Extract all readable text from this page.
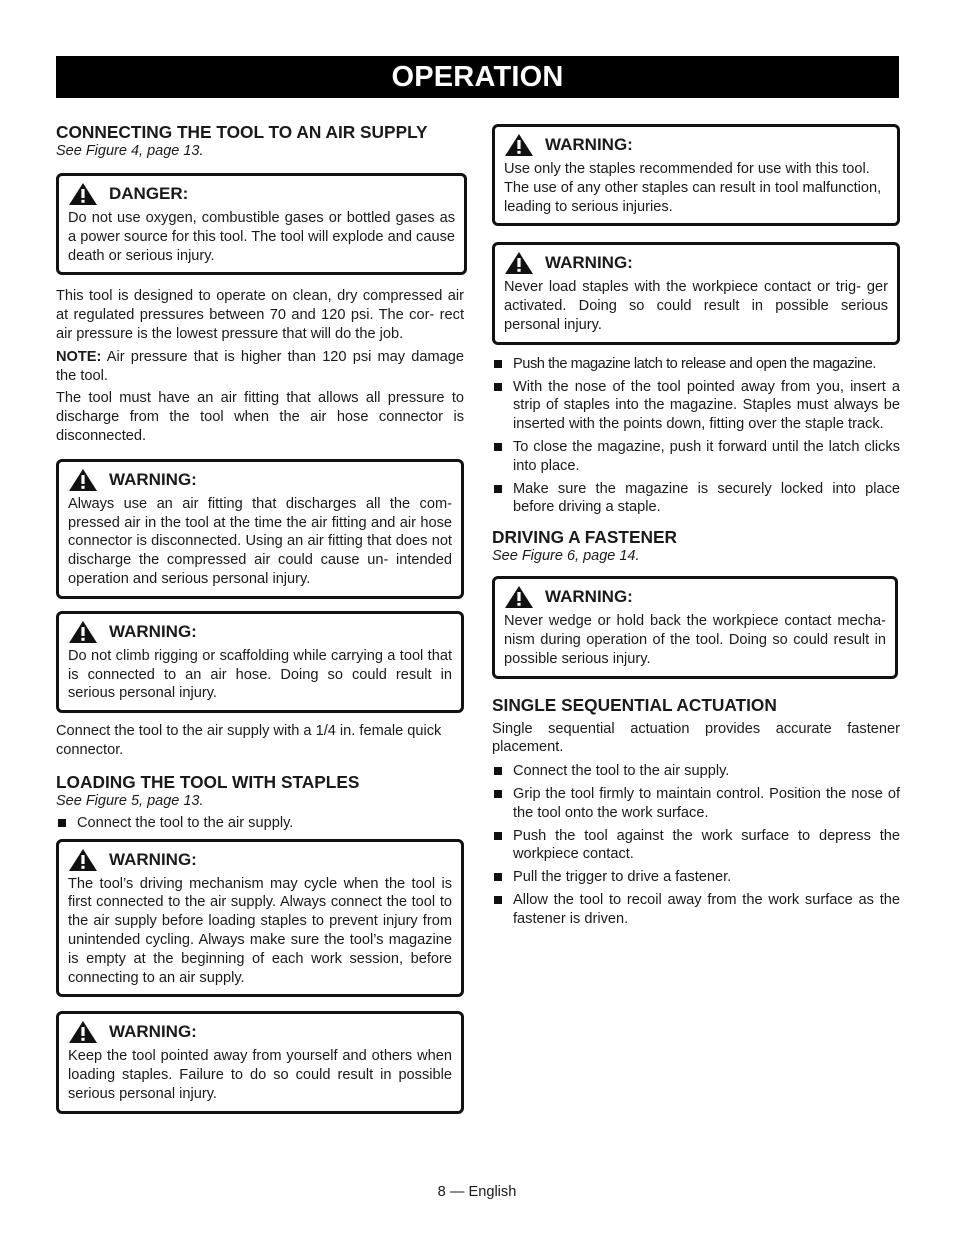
OPERATION
CONNECTING THE TOOL TO AN AIR SUPPLY

See Figure 4, page 13.

DANGER:

Do not use oxygen, combustible gases or bottled gases as a power source for this tool. The tool will explode and cause death or serious injury.

This tool is designed to operate on clean, dry compressed air at regulated pressures between 70 and 120 psi. The cor- rect air pressure is the lowest pressure that will do the job.

NOTE: Air pressure that is higher than 120 psi may damage the tool.

The tool must have an air fitting that allows all pressure to discharge from the tool when the air hose connector is disconnected.

WARNING:

Always use an air fitting that discharges all the com- pressed air in the tool at the time the air fitting and air hose connector is disconnected. Using an air fitting that does not discharge the compressed air could cause un- intended operation and serious personal injury.

WARNING:

Do not climb rigging or scaffolding while carrying a tool that is connected to an air hose. Doing so could result in serious personal injury.

Connect the tool to the air supply with a 1/4 in. female quick connector.

LOADING THE TOOL WITH STAPLES

See Figure 5, page 13.

Connect the tool to the air supply.
WARNING:

The tool’s driving mechanism may cycle when the tool is first connected to the air supply. Always connect the tool to the air supply before loading staples to prevent injury from unintended cycling. Always make sure the tool’s magazine is empty at the beginning of each work session, before connecting to an air supply.

WARNING:

Keep the tool pointed away from yourself and others when loading staples. Failure to do so could result in possible serious personal injury.

WARNING:

Use only the staples recommended for use with this tool. The use of any other staples can result in tool malfunction, leading to serious injuries.

WARNING:

Never load staples with the workpiece contact or trig- ger activated. Doing so could result in possible serious personal injury.

Push the magazine latch to release and open the magazine.
With the nose of the tool pointed away from you, insert a strip of staples into the magazine. Staples must always be inserted with the points down, fitting over the staple track.
To close the magazine, push it forward until the latch clicks into place.
Make sure the magazine is securely locked into place before driving a staple.
DRIVING A FASTENER

See Figure 6, page 14.

WARNING:

Never wedge or hold back the workpiece contact mecha- nism during operation of the tool. Doing so could result in possible serious injury.

SINGLE SEQUENTIAL ACTUATION

Single sequential actuation provides accurate fastener placement.

Connect the tool to the air supply.
Grip the tool firmly to maintain control. Position the nose of the tool onto the work surface.
Push the tool against the work surface to depress the workpiece contact.
Pull the trigger to drive a fastener.
Allow the tool to recoil away from the work surface as the fastener is driven.
8 — English
